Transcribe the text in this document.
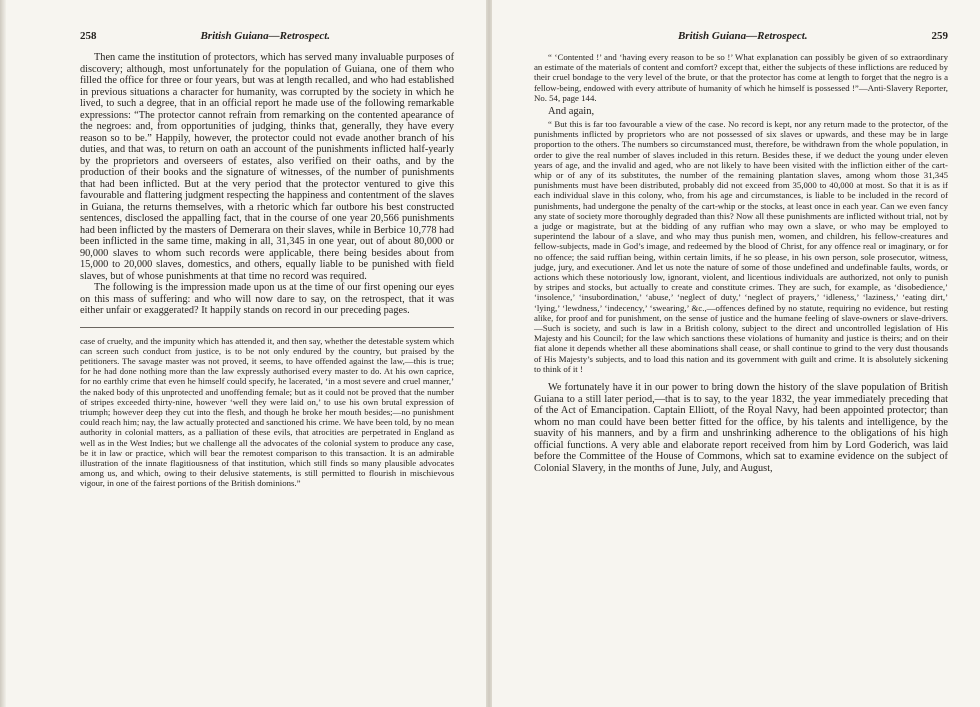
258	British Guiana—Retrospect.

Then came the institution of protectors, which has served many invaluable purposes of discovery; although, most unfortunately for the population of Guiana, one of them who filled the office for three or four years, but was at length recalled, and who had established in previous situations a character for humanity, was corrupted by the society in which he lived, to such a degree, that in an official report he made use of the following remarkable expressions: “The protector cannot refrain from remarking on the contented apearance of the negroes: and, from opportunities of judging, thinks that, generally, they have every reason so to be.” Happily, however, the protector could not evade another branch of his duties, and that was, to return on oath an account of the punishments inflicted half-yearly by the proprietors and overseers of estates, also verified on their oaths, and by the production of their books and the signature of witnesses, of the number of punishments that had been inflicted. But at the very period that the protector ventured to give this favourable and flattering judgment respecting the happiness and contentment of the slaves in Guiana, the returns themselves, with a rhetoric which far outbore his best constructed sentences, disclosed the appalling fact, that in the course of one year 20,566 punishments had been inflicted by the masters of Demerara on their slaves, while in Berbice 10,778 had been inflicted in the same time, making in all, 31,345 in one year, out of about 80,000 or 90,000 slaves to whom such records were applicable, there being besides about from 15,000 to 20,000 slaves, domestics, and others, equally liable to be punished with field slaves, but of whose punishments at that time no record was required.

The following is the impression made upon us at the time of our first opening our eyes on this mass of suffering: and who will now dare to say, on the retrospect, that it was either unfair or exaggerated? It happily stands on record in our preceding pages.

case of cruelty, and the impunity which has attended it, and then say, whether the detestable system which can screen such conduct from justice, is to be not only endured by the country, but praised by the petitioners. The savage master was not proved, it seems, to have offended against the law,—this is true; for he had done nothing more than the law expressly authorised every master to do. At his own caprice, for no earthly crime that even he himself could specify, he lacerated, ‘in a most severe and cruel manner,’ the naked body of this unprotected and unoffending female; but as it could not be proved that the number of stripes exceeded thirty-nine, however ‘well they were laid on,’ to use his own brutal expression of triumph; however deep they cut into the flesh, and though he broke her mouth besides;—no punishment could reach him; nay, the law actually protected and sanctioned his crime. We have been told, by no mean authority in colonial matters, as a palliation of these evils, that atrocities are perpetrated in England as well as in the West Indies; but we challenge all the advocates of the colonial system to produce any case, be it in law or practice, which will bear the remotest comparison to this transaction. It is an admirable illustration of the innate flagitiousness of that institution, which still finds so many plausible advocates among us, and which, owing to their delusive statements, is still permitted to flourish in mischievous vigour, in one of the fairest portions of the British dominions.”

British Guiana—Retrospect.	259

“ ‘Contented !’ and ‘having every reason to be so !’ What explanation can possibly be given of so extraordinary an estimate of the materials of content and comfort? except that, either the subjects of these inflictions are reduced by their cruel bondage to the very level of the brute, or that the protector has come at length to forget that the negro is a fellow-being, endowed with every attribute of humanity of which he himself is possessed !”—Anti-Slavery Reporter, No. 54, page 144.

And again,

“ But this is far too favourable a view of the case. No record is kept, nor any return made to the protector, of the punishments inflicted by proprietors who are not possessed of six slaves or upwards, and these may be in large proportion to the others. The numbers so circumstanced must, therefore, be withdrawn from the whole population, in order to give the real number of slaves included in this return. Besides these, if we deduct the young under eleven years of age, and the invalid and aged, who are not likely to have been visited with the infliction either of the cart-whip or of any of its substitutes, the number of the remaining plantation slaves, among whom those 31,345 punishments must have been distributed, probably did not exceed from 35,000 to 40,000 at most. So that it is as if each individual slave in this colony, who, from his age and circumstances, is liable to be included in the record of punishments, had undergone the penalty of the cart-whip or the stocks, at least once in each year. Can we even fancy any state of society more thoroughly degraded than this? Now all these punishments are inflicted without trial, not by a judge or magistrate, but at the bidding of any ruffian who may own a slave, or who may be employed to superintend the labour of a slave, and who may thus punish men, women, and children, his fellow-creatures and fellow-subjects, made in God’s image, and redeemed by the blood of Christ, for any offence real or imaginary, or for no offence; the said ruffian being, within certain limits, if he so please, in his own person, sole prosecutor, witness, judge, jury, and executioner. And let us note the nature of some of those undefined and undefinable faults, words, or actions which these notoriously low, ignorant, violent, and licentious individuals are authorized, not only to punish by stripes and stocks, but actually to create and constitute crimes. They are such, for example, as ‘disobedience,’ ‘insolence,’ ‘insubordination,’ ‘abuse,’ ‘neglect of duty,’ ‘neglect of prayers,’ ‘idleness,’ ‘laziness,’ ‘eating dirt,’ ‘lying,’ ‘lewdness,’ ‘indecency,’ ‘swearing,’ &c.,—offences defined by no statute, requiring no evidence, but resting alike, for proof and for punishment, on the sense of justice and the humane feeling of slave-owners or slave-drivers.—Such is society, and such is law in a British colony, subject to the direct and uncontrolled legislation of His Majesty and his Council; for the law which sanctions these violations of humanity and justice is theirs; and on their fiat alone it depends whether all these abominations shall cease, or shall continue to grind to the very dust thousands of His Majesty’s subjects, and to load this nation and its government with guilt and crime. It is absolutely sickening to think of it !

We fortunately have it in our power to bring down the history of the slave population of British Guiana to a still later period,—that is to say, to the year 1832, the year immediately preceding that of the Act of Emancipation. Captain Elliott, of the Royal Navy, had been appointed protector; than whom no man could have been better fitted for the office, by his talents and intelligence, by the suavity of his manners, and by a firm and unshrinking adherence to the obligations of his high official functions. A very able and elaborate report received from him by Lord Goderich, was laid before the Committee of the House of Commons, which sat to examine evidence on the subject of Colonial Slavery, in the months of June, July, and August,
